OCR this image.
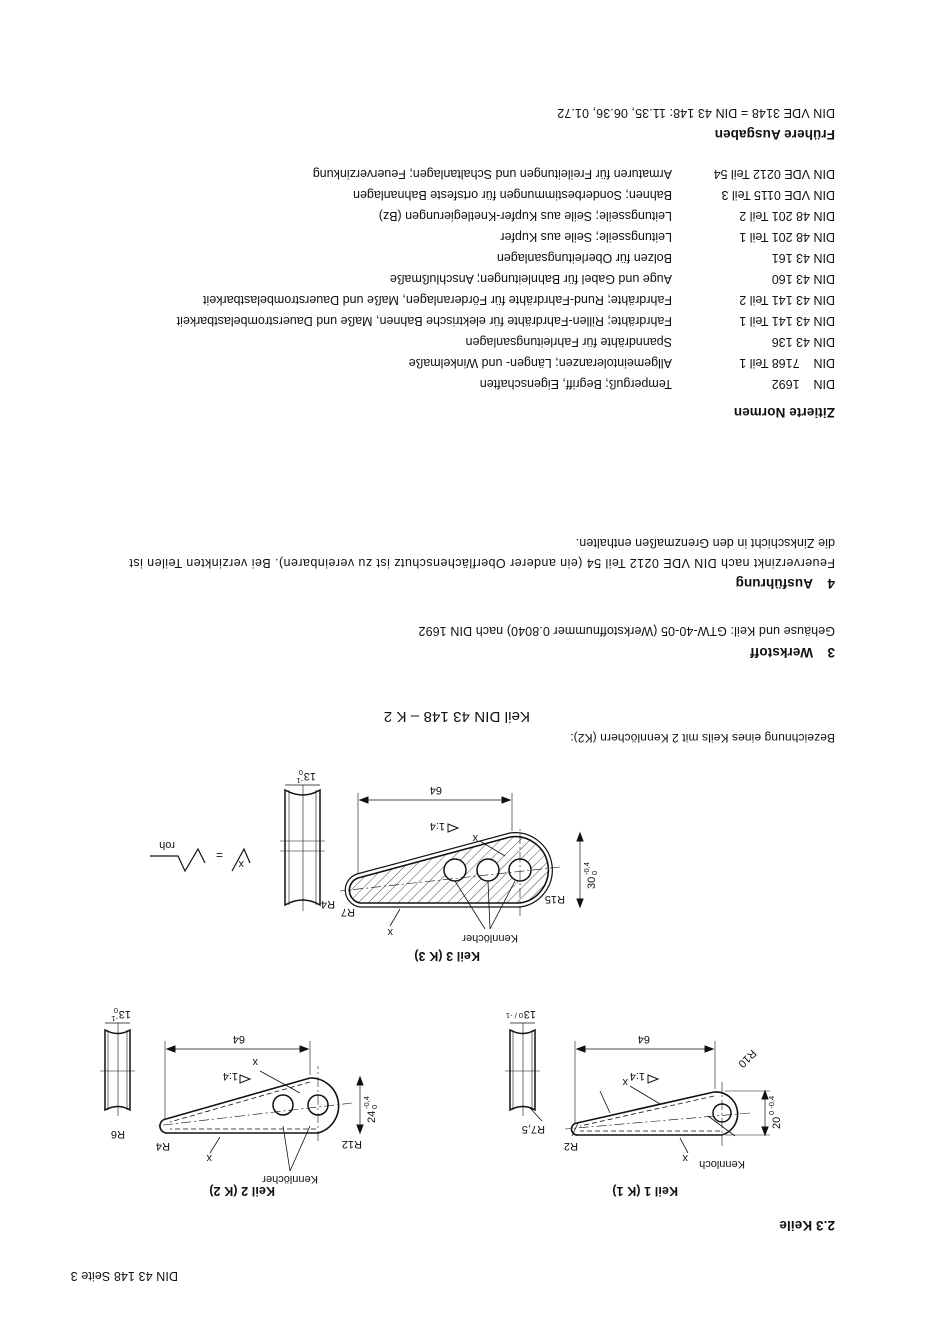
R10
R2
R7,5
64
1:4
20
0 -0,4
13
0 / -1
x
x Kennloch
R12
R4
R6
64
1:4
24
-0,4 0
13
-1
0
x
x
Kennlöcher
R15
R7
R4
64
1:4
30
-0,4 0
13
-1
0
x
x	Kennlöcher
x
=
roh
DIN 43 148 Seite 3
2.3 Keile
Keil 1 (K 1)
Keil 2 (K 2)
Keil 3 (K 3)
Bezeichnung eines Keils mit 2 Kennlöchern (K2):
Keil DIN 43 148 – K 2
3Werkstoff
Gehäuse und Keil: GTW-40-05 (Werkstoffnummer 0.8040) nach DIN 1692
4Ausführung
Feuerverzinkt nach DIN VDE 0212 Teil 54 (ein anderer Oberflächenschutz ist zu vereinbaren). Bei verzinkten Teilen ist
die Zinkschicht in den Grenzmaßen enthalten.
Zitierte Normen
DIN    1692Temperguß; Begriff, Eigenschaften
DIN    7168 Teil 1Allgemeintoleranzen; Längen- und Winkelmaße
DIN 43 136Spanndrähte für Fahrleitungsanlagen
DIN 43 141 Teil 1Fahrdrähte; Rillen-Fahrdrähte für elektrische Bahnen, Maße und Dauerstrombelastbarkeit
DIN 43 141 Teil 2Fahrdrähte; Rund-Fahrdrähte für Förderanlagen, Maße und Dauerstrombelastbarkeit
DIN 43 160Auge und Gabel für Bahnleitungen; Anschlußmaße
DIN 43 161Bolzen für Oberleitungsanlagen
DIN 48 201 Teil 1Leitungsseile; Seile aus Kupfer
DIN 48 201 Teil 2Leitungsseile; Seile aus Kupfer-Knetlegierungen (Bz)
DIN VDE 0115 Teil 3Bahnen; Sonderbestimmungen für ortsfeste Bahnanlagen
DIN VDE 0212 Teil 54Armaturen für Freileitungen und Schaltanlagen; Feuerverzinkung
Frühere Ausgaben
DIN VDE 3148 = DIN 43 148: 11.35, 06.36, 01.72
